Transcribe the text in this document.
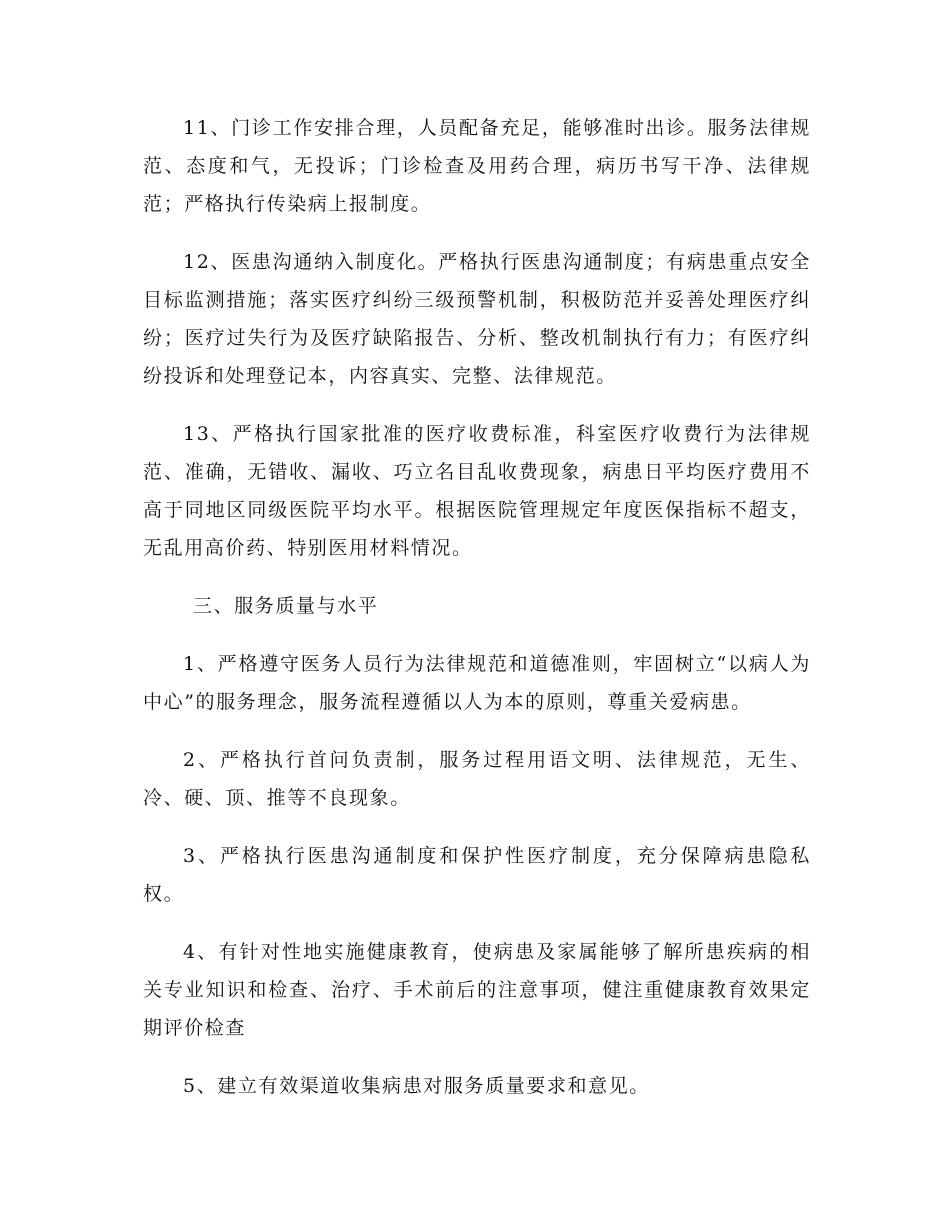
11、门诊工作安排合理，人员配备充足，能够准时出诊。服务法律规范、态度和气，无投诉；门诊检查及用药合理，病历书写干净、法律规范；严格执行传染病上报制度。

12、医患沟通纳入制度化。严格执行医患沟通制度；有病患重点安全目标监测措施；落实医疗纠纷三级预警机制，积极防范并妥善处理医疗纠纷；医疗过失行为及医疗缺陷报告、分析、整改机制执行有力；有医疗纠纷投诉和处理登记本，内容真实、完整、法律规范。

13、严格执行国家批准的医疗收费标准，科室医疗收费行为法律规范、准确，无错收、漏收、巧立名目乱收费现象，病患日平均医疗费用不高于同地区同级医院平均水平。根据医院管理规定年度医保指标不超支，无乱用高价药、特别医用材料情况。

三、服务质量与水平

1、严格遵守医务人员行为法律规范和道德准则，牢固树立“以病人为中心”的服务理念，服务流程遵循以人为本的原则，尊重关爱病患。

2、严格执行首问负责制，服务过程用语文明、法律规范，无生、冷、硬、顶、推等不良现象。

3、严格执行医患沟通制度和保护性医疗制度，充分保障病患隐私权。

4、有针对性地实施健康教育，使病患及家属能够了解所患疾病的相关专业知识和检查、治疗、手术前后的注意事项，健注重健康教育效果定期评价检查

5、建立有效渠道收集病患对服务质量要求和意见。
